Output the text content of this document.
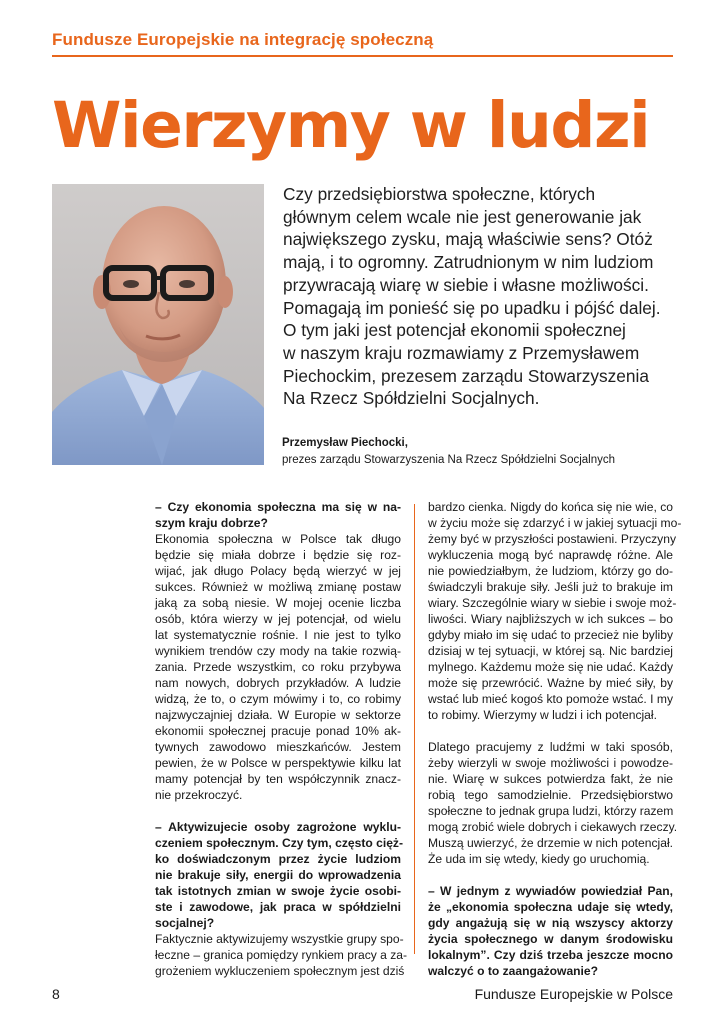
Fundusze Europejskie na integrację społeczną
Wierzymy w ludzi
Czy przedsiębiorstwa społeczne, których
głównym celem wcale nie jest generowanie jak
największego zysku, mają właściwie sens? Otóż
mają, i to ogromny. Zatrudnionym w nim ludziom
przywracają wiarę w siebie i własne możliwości.
Pomagają im ponieść się po upadku i pójść dalej.
O tym jaki jest potencjał ekonomii społecznej
w naszym kraju rozmawiamy z Przemysławem
Piechockim, prezesem zarządu Stowarzyszenia
Na Rzecz Spółdzielni Socjalnych.
Przemysław Piechocki,
prezes zarządu Stowarzyszenia Na Rzecz Spółdzielni Socjalnych
– Czy ekonomia społeczna ma się w na-
szym kraju dobrze?
Ekonomia społeczna w Polsce tak długo
będzie się miała dobrze i będzie się roz-
wijać, jak długo Polacy będą wierzyć w jej
sukces. Również w możliwą zmianę postaw
jaką za sobą niesie. W mojej ocenie liczba
osób, która wierzy w jej potencjał, od wielu
lat systematycznie rośnie. I nie jest to tylko
wynikiem trendów czy mody na takie rozwią-
zania. Przede wszystkim, co roku przybywa
nam nowych, dobrych przykładów. A ludzie
widzą, że to, o czym mówimy i to, co robimy
najzwyczajniej działa. W Europie w sektorze
ekonomii społecznej pracuje ponad 10% ak-
tywnych zawodowo mieszkańców. Jestem
pewien, że w Polsce w perspektywie kilku lat
mamy potencjał by ten współczynnik znacz-
nie przekroczyć.
– Aktywizujecie osoby zagrożone wyklu-
czeniem społecznym. Czy tym, często cięż-
ko doświadczonym przez życie ludziom
nie brakuje siły, energii do wprowadzenia
tak istotnych zmian w swoje życie osobi-
ste i zawodowe, jak praca w spółdzielni
socjalnej?
Faktycznie aktywizujemy wszystkie grupy spo-
łeczne – granica pomiędzy rynkiem pracy a za-
grożeniem wykluczeniem społecznym jest dziś
bardzo cienka. Nigdy do końca się nie wie, co
w życiu może się zdarzyć i w jakiej sytuacji mo-
żemy być w przyszłości postawieni. Przyczyny
wykluczenia mogą być naprawdę różne. Ale
nie powiedziałbym, że ludziom, którzy go do-
świadczyli brakuje siły. Jeśli już to brakuje im
wiary. Szczególnie wiary w siebie i swoje moż-
liwości. Wiary najbliższych w ich sukces – bo
gdyby miało im się udać to przecież nie byliby
dzisiaj w tej sytuacji, w której są. Nic bardziej
mylnego. Każdemu może się nie udać. Każdy
może się przewrócić. Ważne by mieć siły, by
wstać lub mieć kogoś kto pomoże wstać. I my
to robimy. Wierzymy w ludzi i ich potencjał.
Dlatego pracujemy z ludźmi w taki sposób,
żeby wierzyli w swoje możliwości i powodze-
nie. Wiarę w sukces potwierdza fakt, że nie
robią tego samodzielnie. Przedsiębiorstwo
społeczne to jednak grupa ludzi, którzy razem
mogą zrobić wiele dobrych i ciekawych rzeczy.
Muszą uwierzyć, że drzemie w nich potencjał.
Że uda im się wtedy, kiedy go uruchomią.
– W jednym z wywiadów powiedział Pan,
że „ekonomia społeczna udaje się wtedy,
gdy angażują się w nią wszyscy aktorzy
życia społecznego w danym środowisku
lokalnym”. Czy dziś trzeba jeszcze mocno
walczyć o to zaangażowanie?
8	Fundusze Europejskie w Polsce
